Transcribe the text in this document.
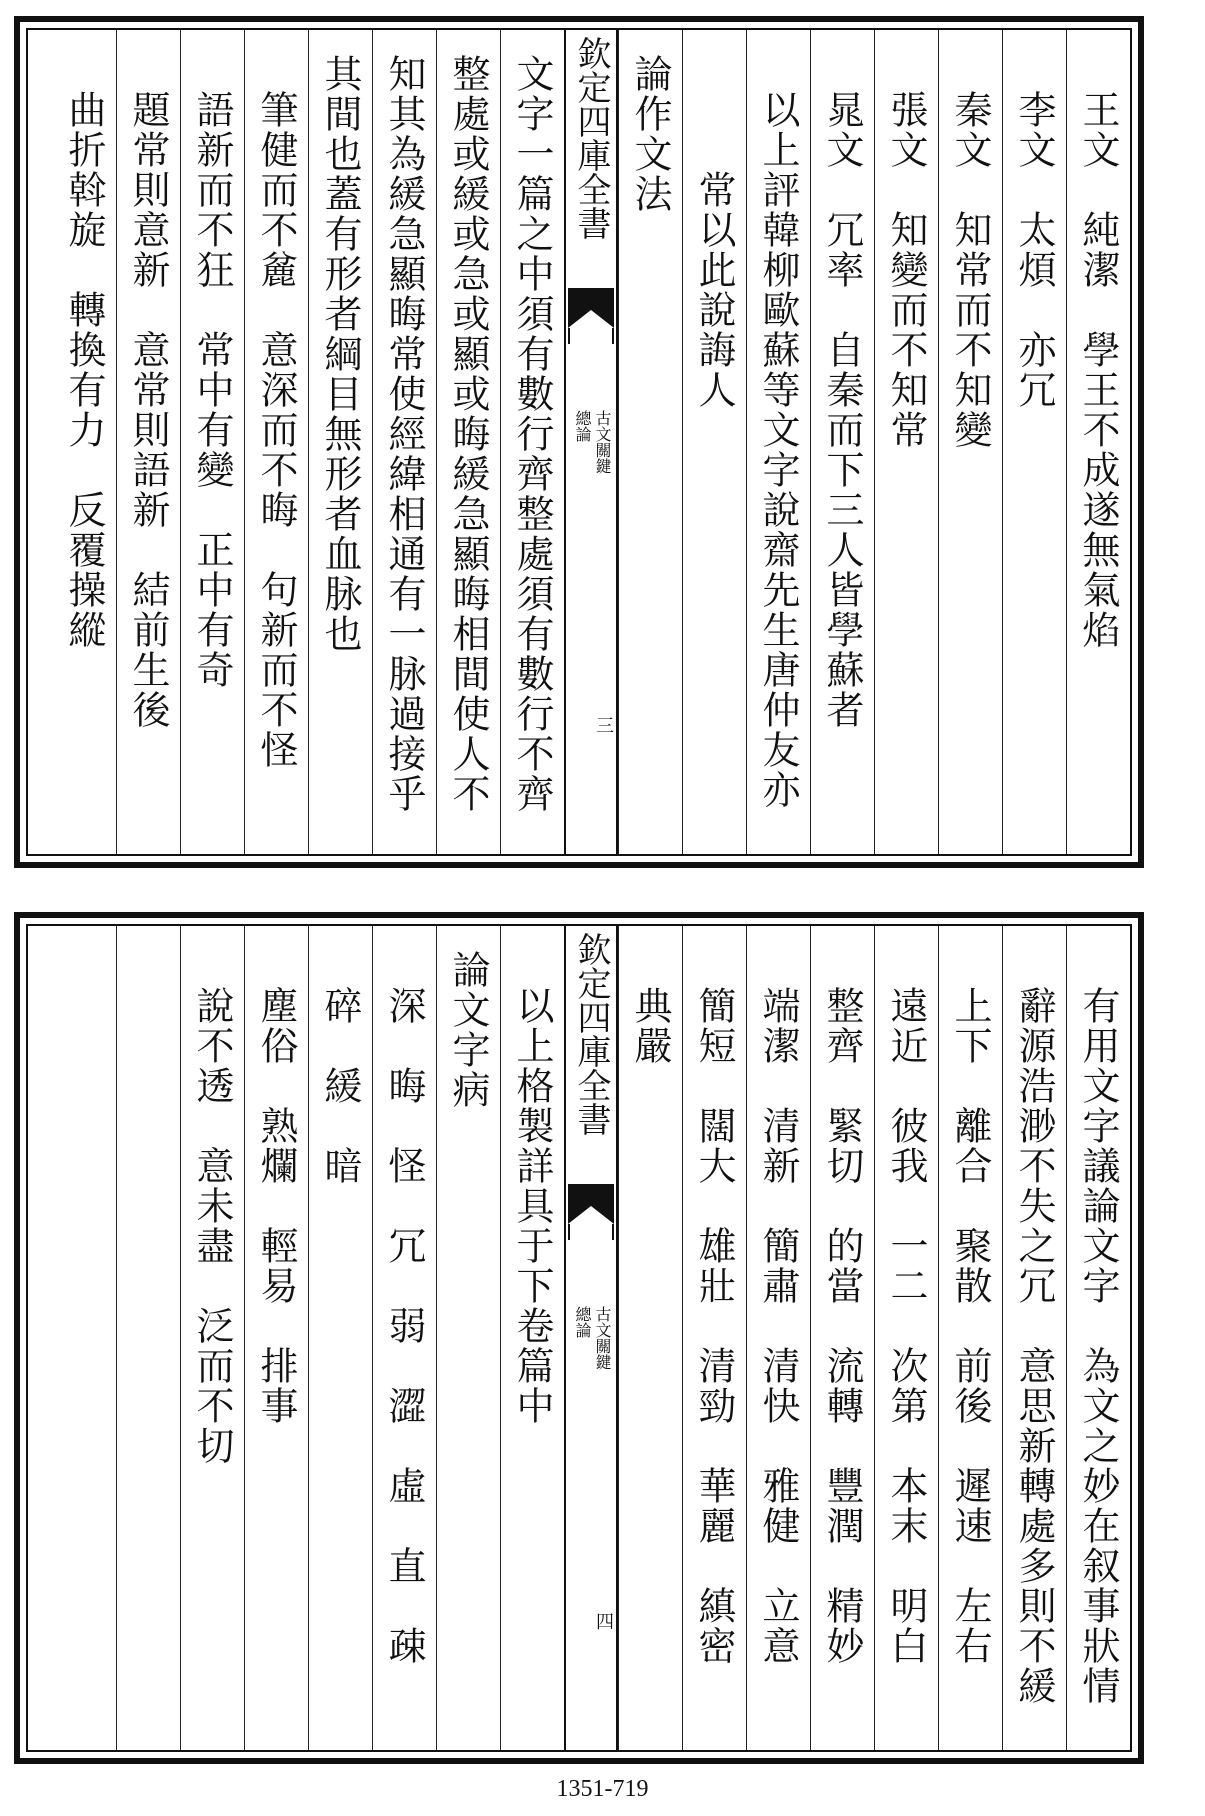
王文　純潔　學王不成遂無氣焰
李文　太煩　亦冗
秦文　知常而不知變
張文　知變而不知常
晁文　冗率　自秦而下三人皆學蘇者
以上評韓柳歐蘇等文字說齋先生唐仲友亦
常以此說誨人
論作文法
欽定四庫全書
古文關鍵
總論
三
文字一篇之中須有數行齊整處須有數行不齊
整處或緩或急或顯或晦緩急顯晦相間使人不
知其為緩急顯晦常使經緯相通有一脉過接乎
其間也蓋有形者綱目無形者血脉也
筆健而不麄　意深而不晦　句新而不怪
語新而不狂　常中有變　正中有奇
題常則意新　意常則語新　結前生後
曲折斡旋　轉換有力　反覆操縱
有用文字議論文字　為文之妙在叙事狀情
辭源浩渺不失之冗　意思新轉處多則不緩
上下　離合　聚散　前後　遲速　左右
遠近　彼我　一二　次第　本末　明白
整齊　緊切　的當　流轉　豐潤　精妙
端潔　清新　簡肅　清快　雅健　立意
簡短　闊大　雄壯　清勁　華麗　縝密
典嚴
欽定四庫全書
古文關鍵
總論
四
以上格製詳具于下卷篇中
論文字病
深　晦　怪　冗　弱　澀　虛　直　疎
碎　緩　暗
塵俗　熟爛　輕易　排事
說不透　意未盡　泛而不切
1351-719
